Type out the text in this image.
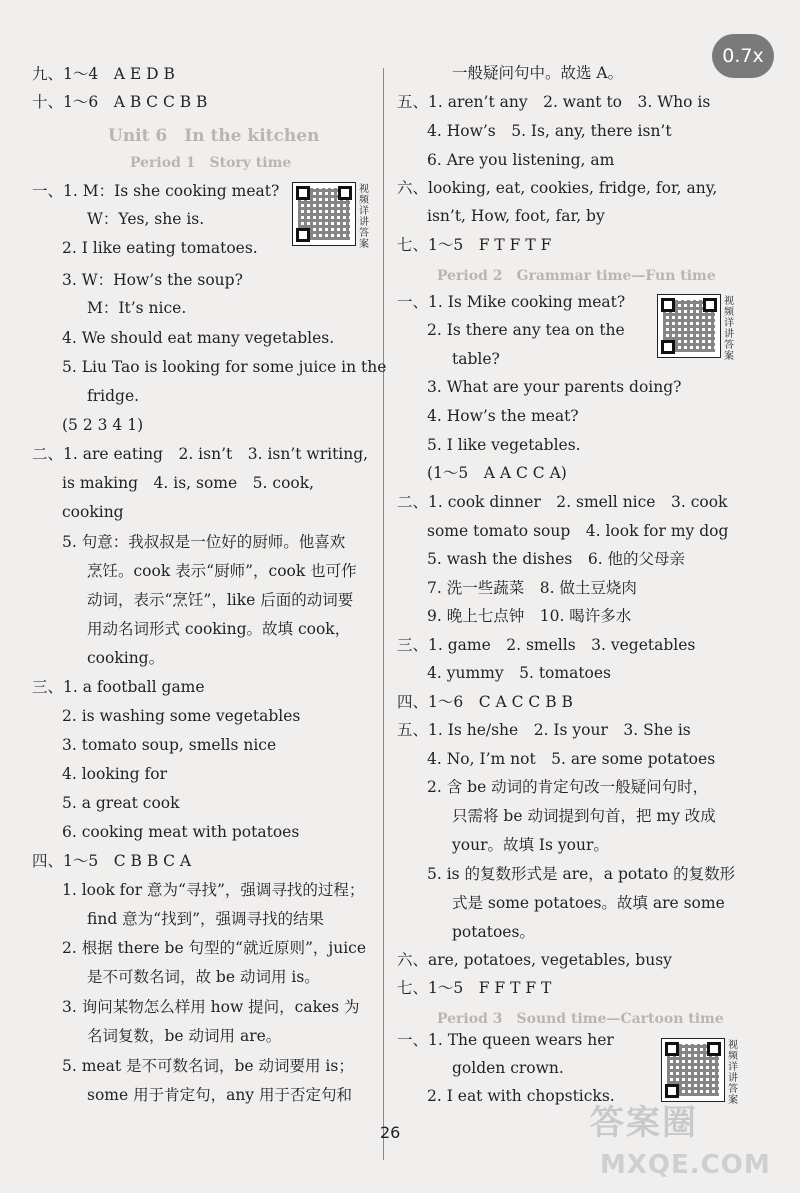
0.7x
九、1～4　A E D B
十、1～6　A B C C B B
Unit 6　In the kitchen
Period 1　Story time
一、1. M：Is she cooking meat?
W：Yes, she is.
2. I like eating tomatoes.
3. W：How’s the soup?
M：It’s nice.
4. We should eat many vegetables.
5. Liu Tao is looking for some juice in the
fridge.
(5 2 3 4 1)
二、1. are eating　2. isn’t　3. isn’t writing,
is making　4. is, some　5. cook,
cooking
5. 句意：我叔叔是一位好的厨师。他喜欢
烹饪。cook 表示“厨师”，cook 也可作
动词，表示“烹饪”，like 后面的动词要
用动名词形式 cooking。故填 cook，
cooking。
三、1. a football game
2. is washing some vegetables
3. tomato soup, smells nice
4. looking for
5. a great cook
6. cooking meat with potatoes
四、1～5　C B B C A
1. look for 意为“寻找”，强调寻找的过程；
find 意为“找到”，强调寻找的结果
2. 根据 there be 句型的“就近原则”，juice
是不可数名词，故 be 动词用 is。
3. 询问某物怎么样用 how 提问，cakes 为
名词复数，be 动词用 are。
5. meat 是不可数名词，be 动词要用 is；
some 用于肯定句，any 用于否定句和
视频详讲答案
一般疑问句中。故选 A。
五、1. aren’t any　2. want to　3. Who is
4. How’s　5. Is, any, there isn’t
6. Are you listening, am
六、looking, eat, cookies, fridge, for, any,
isn’t, How, foot, far, by
七、1～5　F T F T F
Period 2　Grammar time—Fun time
一、1. Is Mike cooking meat?
2. Is there any tea on the
table?
3. What are your parents doing?
4. How’s the meat?
5. I like vegetables.
(1～5　A A C C A)
二、1. cook dinner　2. smell nice　3. cook
some tomato soup　4. look for my dog
5. wash the dishes　6. 他的父母亲
7. 洗一些蔬菜　8. 做土豆烧肉
9. 晚上七点钟　10. 喝许多水
三、1. game　2. smells　3. vegetables
4. yummy　5. tomatoes
四、1～6　C A C C B B
五、1. Is he/she　2. Is your　3. She is
4. No, I’m not　5. are some potatoes
2. 含 be 动词的肯定句改一般疑问句时，
只需将 be 动词提到句首，把 my 改成
your。故填 Is your。
5. is 的复数形式是 are，a potato 的复数形
式是 some potatoes。故填 are some
potatoes。
六、are, potatoes, vegetables, busy
七、1～5　F F T F T
Period 3　Sound time—Cartoon time
一、1. The queen wears her
golden crown.
2. I eat with chopsticks.
视频详讲答案
视频详讲答案
26	答案圈
MXQE.COM
